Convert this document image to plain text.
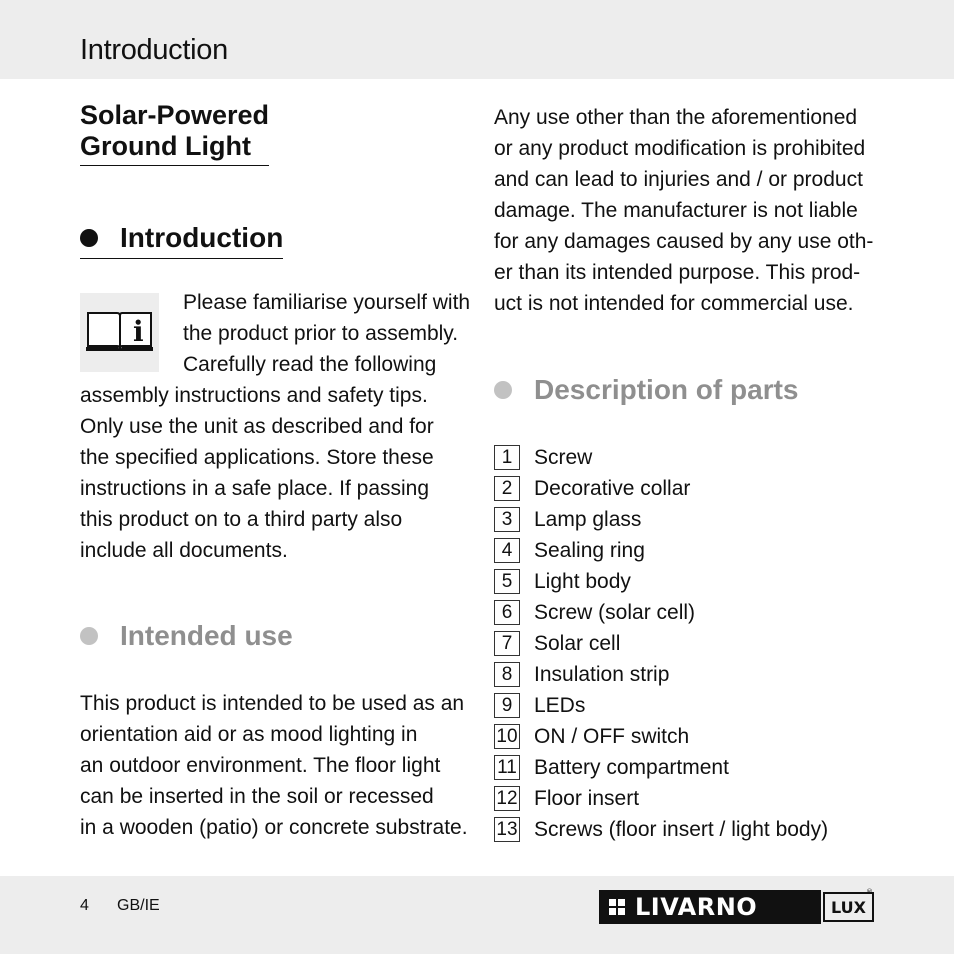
Introduction
Solar-Powered
Ground Light
Introduction
i

Please familiarise yourself with

the product prior to assembly.

Carefully read the following

assembly instructions and safety tips.

Only use the unit as described and for

the specified applications. Store these

instructions in a safe place. If passing

this product on to a third party also

include all documents.

Intended use

This product is intended to be used as an

orientation aid or as mood lighting in

an outdoor environment. The floor light

can be inserted in the soil or recessed

in a wooden (patio) or concrete substrate.

Any use other than the aforementioned

or any product modification is prohibited

and can lead to injuries and / or product

damage. The manufacturer is not liable

for any damages caused by any use oth-

er than its intended purpose. This prod-

uct is not intended for commercial use.

Description of parts
1	Screw
2	Decorative collar
3	Lamp glass
4	Sealing ring
5	Light body
6	Screw (solar cell)
7	Solar cell
8	Insulation strip
9	LEDs
10 ON / OFF switch
11 Battery compartment
12 Floor insert
13 Screws (floor insert / light body)
4 GB/IE	LIVARNO	LUX
®
